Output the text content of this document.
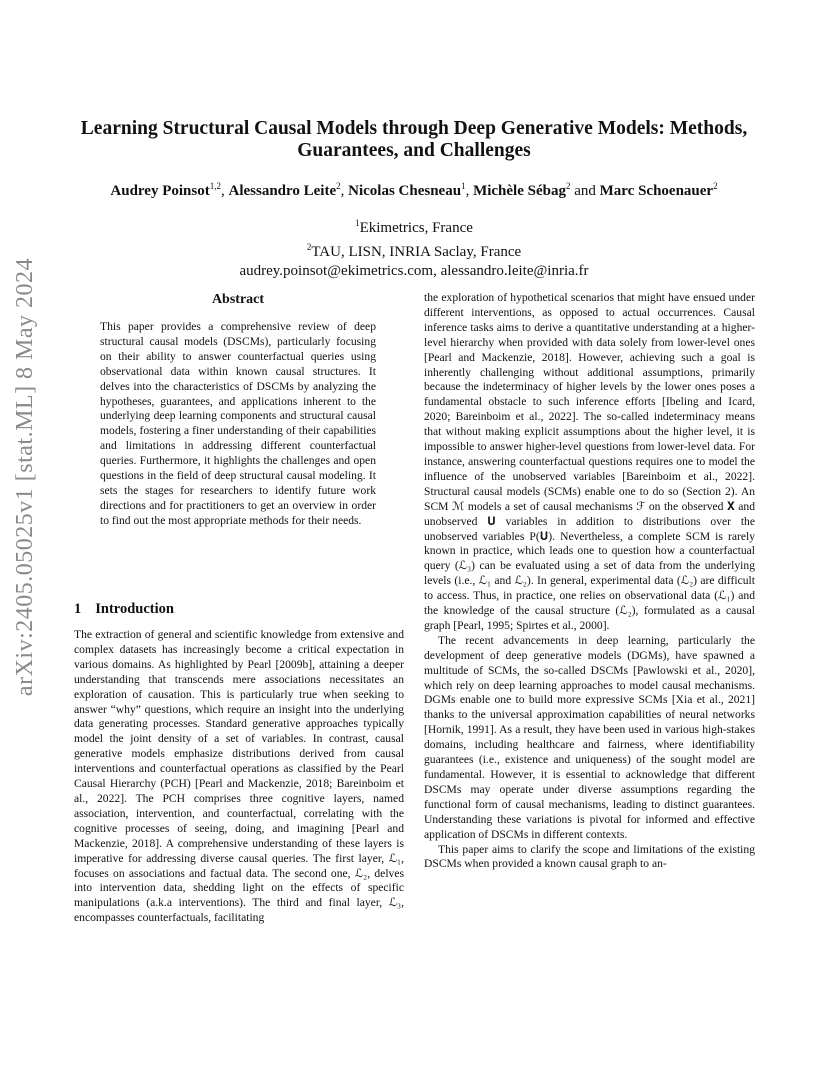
arXiv:2405.05025v1 [stat.ML] 8 May 2024
Learning Structural Causal Models through Deep Generative Models: Methods, Guarantees, and Challenges
Audrey Poinsot$^{1,2}$, Alessandro Leite$^2$, Nicolas Chesneau$^1$, Michèle Sébag$^2$ and Marc Schoenauer$^2$
$^1$Ekimetrics, France
$^2$TAU, LISN, INRIA Saclay, France
audrey.poinsot@ekimetrics.com, alessandro.leite@inria.fr
Abstract
This paper provides a comprehensive review of deep structural causal models (DSCMs), particularly focusing on their ability to answer counterfactual queries using observational data within known causal structures. It delves into the characteristics of DSCMs by analyzing the hypotheses, guarantees, and applications inherent to the underlying deep learning components and structural causal models, fostering a finer understanding of their capabilities and limitations in addressing different counterfactual queries. Furthermore, it highlights the challenges and open questions in the field of deep structural causal modeling. It sets the stages for researchers to identify future work directions and for practitioners to get an overview in order to find out the most appropriate methods for their needs.
1 Introduction

The extraction of general and scientific knowledge from extensive and complex datasets has increasingly become a critical expectation in various domains. As highlighted by Pearl [2009b], attaining a deeper understanding that transcends mere associations necessitates an exploration of causation. This is particularly true when seeking to answer “why” questions, which require an insight into the underlying data generating processes. Standard generative approaches typically model the joint density of a set of variables. In contrast, causal generative models emphasize distributions derived from causal interventions and counterfactual operations as classified by the Pearl Causal Hierarchy (PCH) [Pearl and Mackenzie, 2018; Bareinboim et al., 2022]. The PCH comprises three cognitive layers, named association, intervention, and counterfactual, correlating with the cognitive processes of seeing, doing, and imagining [Pearl and Mackenzie, 2018]. A comprehensive understanding of these layers is imperative for addressing diverse causal queries. The first layer, ℒ₁, focuses on associations and factual data. The second one, ℒ₂, delves into intervention data, shedding light on the effects of specific manipulations (a.k.a interventions). The third and final layer, ℒ₃, encompasses counterfactuals, facilitating

the exploration of hypothetical scenarios that might have ensued under different interventions, as opposed to actual occurrences. Causal inference tasks aims to derive a quantitative understanding at a higher-level hierarchy when provided with data solely from lower-level ones [Pearl and Mackenzie, 2018]. However, achieving such a goal is inherently challenging without additional assumptions, primarily because the indeterminacy of higher levels by the lower ones poses a fundamental obstacle to such inference efforts [Ibeling and Icard, 2020; Bareinboim et al., 2022]. The so-called indeterminacy means that without making explicit assumptions about the higher level, it is impossible to answer higher-level questions from lower-level data. For instance, answering counterfactual questions requires one to model the influence of the unobserved variables [Bareinboim et al., 2022]. Structural causal models (SCMs) enable one to do so (Section 2). An SCM ℳ models a set of causal mechanisms ℱ on the observed 𝐗 and unobserved 𝐔 variables in addition to distributions over the unobserved variables P(𝐔). Nevertheless, a complete SCM is rarely known in practice, which leads one to question how a counterfactual query (ℒ₃) can be evaluated using a set of data from the underlying levels (i.e., ℒ₁ and ℒ₂). In general, experimental data (ℒ₂) are difficult to access. Thus, in practice, one relies on observational data (ℒ₁) and the knowledge of the causal structure (ℒ₂), formulated as a causal graph [Pearl, 1995; Spirtes et al., 2000].

The recent advancements in deep learning, particularly the development of deep generative models (DGMs), have spawned a multitude of SCMs, the so-called DSCMs [Pawlowski et al., 2020], which rely on deep learning approaches to model causal mechanisms. DGMs enable one to build more expressive SCMs [Xia et al., 2021] thanks to the universal approximation capabilities of neural networks [Hornik, 1991]. As a result, they have been used in various high-stakes domains, including healthcare and fairness, where identifiability guarantees (i.e., existence and uniqueness) of the sought model are fundamental. However, it is essential to acknowledge that different DSCMs may operate under diverse assumptions regarding the functional form of causal mechanisms, leading to distinct guarantees. Understanding these variations is pivotal for informed and effective application of DSCMs in different contexts.

This paper aims to clarify the scope and limitations of the existing DSCMs when provided a known causal graph to an-
